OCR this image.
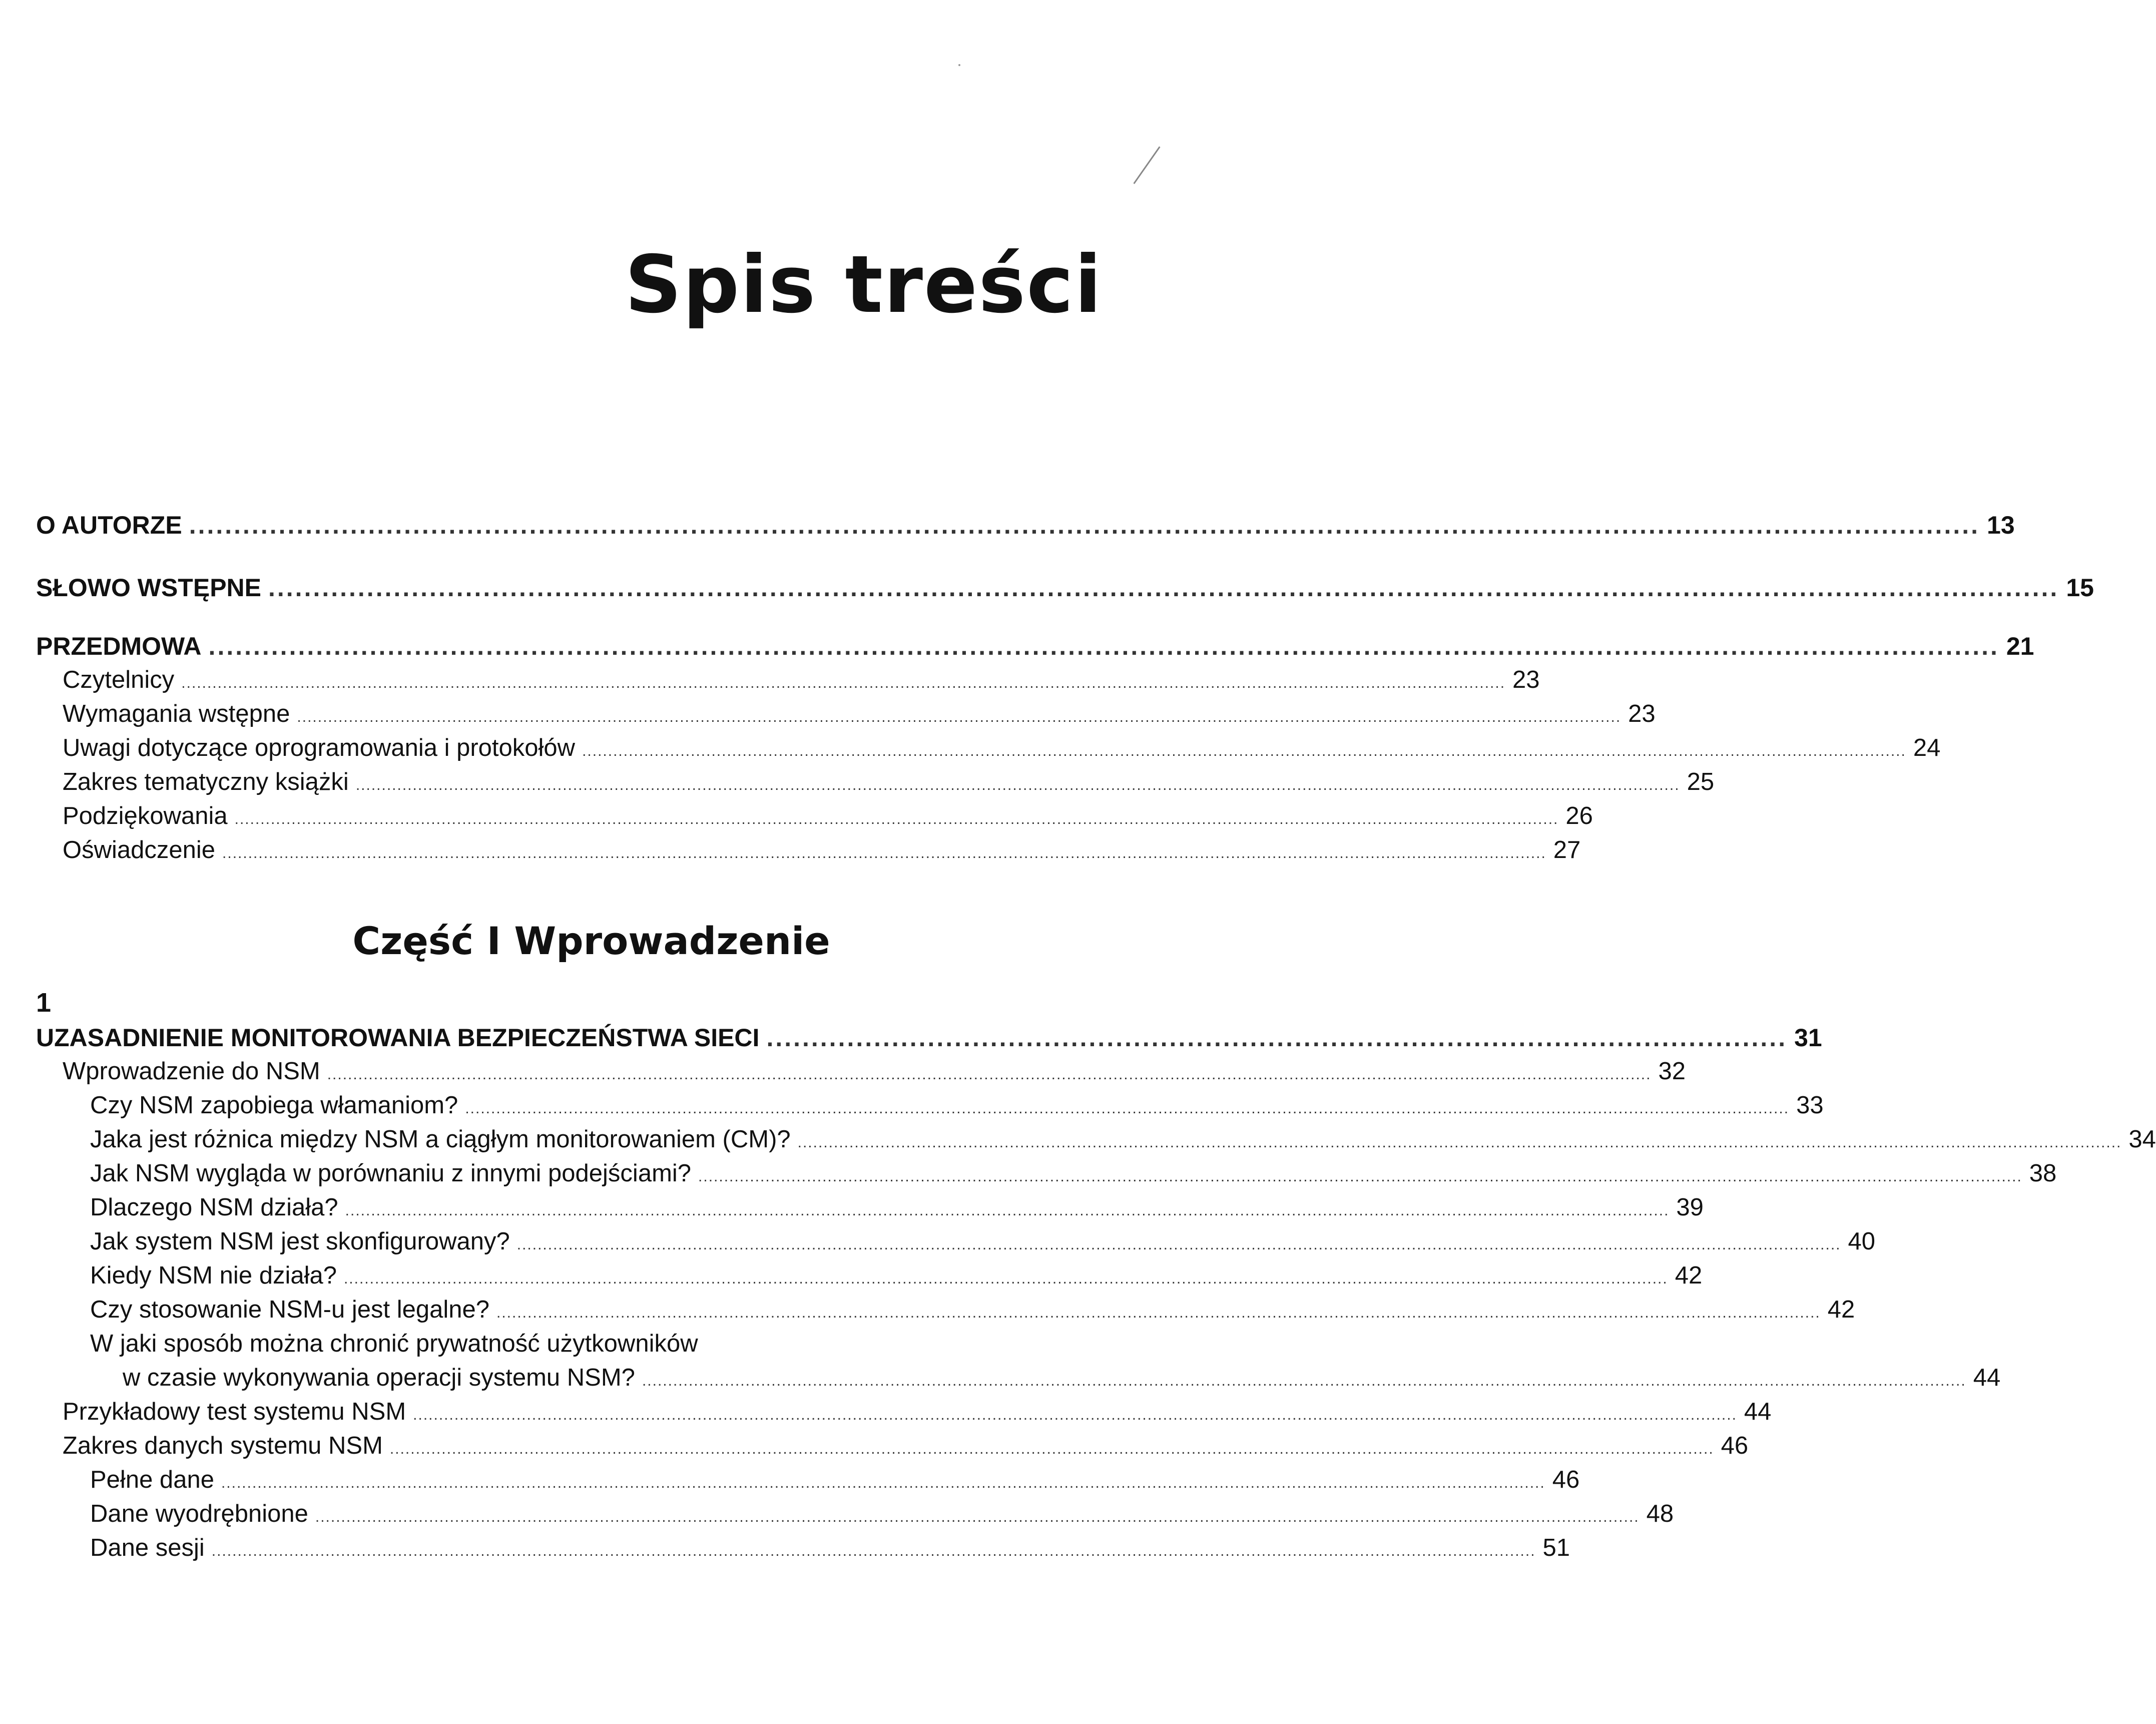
Spis treści
O AUTORZE ........................................................................................................................................................................................................ 13
SŁOWO WSTĘPNE ........................................................................................................................................................................................................ 15
PRZEDMOWA ........................................................................................................................................................................................................ 21
Czytelnicy ................................................................................................................................................................................................................................................................ 23
Wymagania wstępne ................................................................................................................................................................................................................................................................ 23
Uwagi dotyczące oprogramowania i protokołów ................................................................................................................................................................................................................................................................ 24
Zakres tematyczny książki ................................................................................................................................................................................................................................................................ 25
Podziękowania ................................................................................................................................................................................................................................................................ 26
Oświadczenie ................................................................................................................................................................................................................................................................ 27
Część I Wprowadzenie
1
UZASADNIENIE MONITOROWANIA BEZPIECZEŃSTWA SIECI .................................................................................................................. 31
Wprowadzenie do NSM ................................................................................................................................................................................................................................................................ 32
Czy NSM zapobiega włamaniom? ................................................................................................................................................................................................................................................................ 33
Jaka jest różnica między NSM a ciągłym monitorowaniem (CM)? ................................................................................................................................................................................................................................................................ 34
Jak NSM wygląda w porównaniu z innymi podejściami? ................................................................................................................................................................................................................................................................ 38
Dlaczego NSM działa? ................................................................................................................................................................................................................................................................ 39
Jak system NSM jest skonfigurowany? ................................................................................................................................................................................................................................................................ 40
Kiedy NSM nie działa? ................................................................................................................................................................................................................................................................ 42
Czy stosowanie NSM-u jest legalne? ................................................................................................................................................................................................................................................................ 42
W jaki sposób można chronić prywatność użytkowników
w czasie wykonywania operacji systemu NSM? ................................................................................................................................................................................................................................................................ 44
Przykładowy test systemu NSM ................................................................................................................................................................................................................................................................ 44
Zakres danych systemu NSM ................................................................................................................................................................................................................................................................ 46
Pełne dane ................................................................................................................................................................................................................................................................ 46
Dane wyodrębnione ................................................................................................................................................................................................................................................................ 48
Dane sesji ................................................................................................................................................................................................................................................................ 51
